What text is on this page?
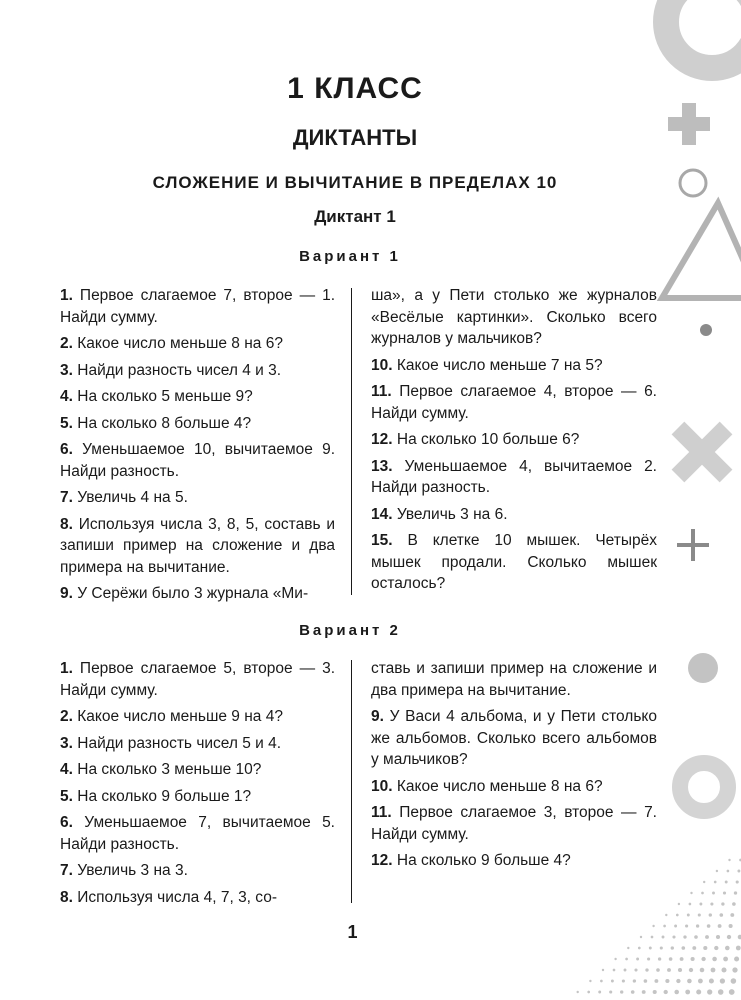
1 КЛАСС
ДИКТАНТЫ
СЛОЖЕНИЕ И ВЫЧИТАНИЕ В ПРЕДЕЛАХ 10
Диктант 1
Вариант 1
1. Первое слагаемое 7, второе — 1. Найди сумму.
2. Какое число меньше 8 на 6?
3. Найди разность чисел 4 и 3.
4. На сколько 5 меньше 9?
5. На сколько 8 больше 4?
6. Уменьшаемое 10, вычитаемое 9. Найди разность.
7. Увеличь 4 на 5.
8. Используя числа 3, 8, 5, составь и запиши пример на сложение и два примера на вычитание.
9. У Серёжи было 3 журнала «Ми-
ша», а у Пети столько же журналов «Весёлые картинки». Сколько всего журналов у мальчиков?
10. Какое число меньше 7 на 5?
11. Первое слагаемое 4, второе — 6. Найди сумму.
12. На сколько 10 больше 6?
13. Уменьшаемое 4, вычитаемое 2. Найди разность.
14. Увеличь 3 на 6.
15. В клетке 10 мышек. Четырёх мышек продали. Сколько мышек осталось?
Вариант 2
1. Первое слагаемое 5, второе — 3. Найди сумму.
2. Какое число меньше 9 на 4?
3. Найди разность чисел 5 и 4.
4. На сколько 3 меньше 10?
5. На сколько 9 больше 1?
6. Уменьшаемое 7, вычитаемое 5. Найди разность.
7. Увеличь 3 на 3.
8. Используя числа 4, 7, 3, со-
ставь и запиши пример на сложение и два примера на вычитание.
9. У Васи 4 альбома, и у Пети столько же альбомов. Сколько всего альбомов у мальчиков?
10. Какое число меньше 8 на 6?
11. Первое слагаемое 3, второе — 7. Найди сумму.
12. На сколько 9 больше 4?
1
